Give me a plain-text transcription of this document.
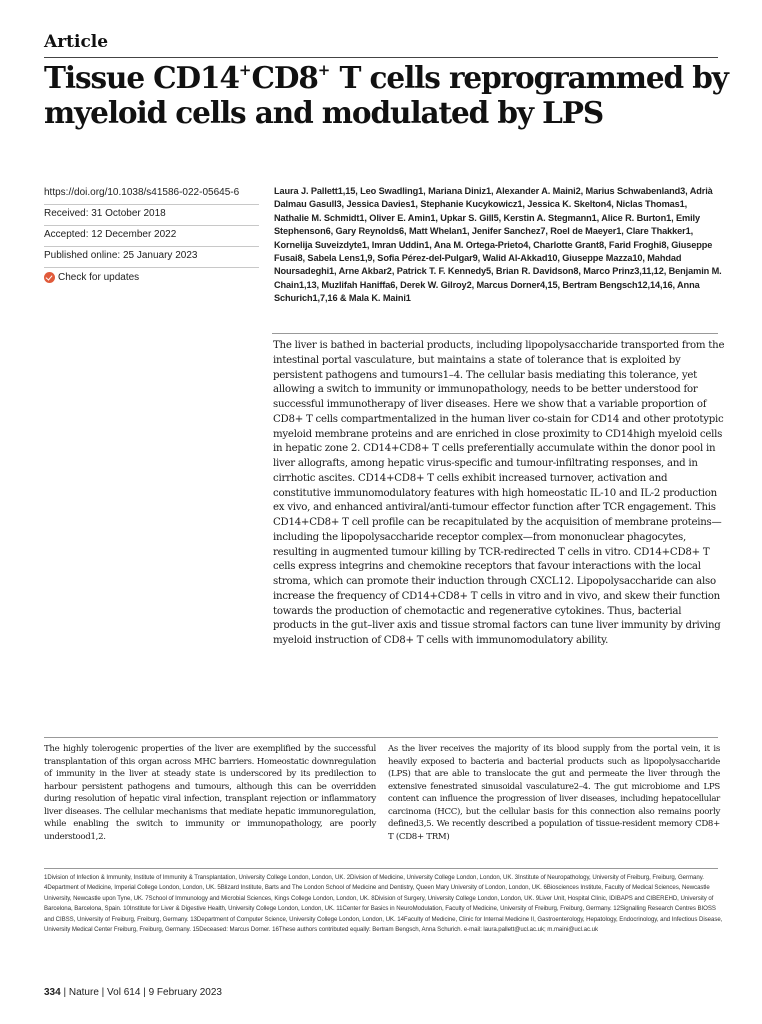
Article
Tissue CD14+CD8+ T cells reprogrammed by
myeloid cells and modulated by LPS
https://doi.org/10.1038/s41586-022-05645-6
Received: 31 October 2018
Accepted: 12 December 2022
Published online: 25 January 2023
Check for updates
Laura J. Pallett1,15, Leo Swadling1, Mariana Diniz1, Alexander A. Maini2, Marius Schwabenland3, Adrià Dalmau Gasull3, Jessica Davies1, Stephanie Kucykowicz1, Jessica K. Skelton4, Niclas Thomas1, Nathalie M. Schmidt1, Oliver E. Amin1, Upkar S. Gill5, Kerstin A. Stegmann1, Alice R. Burton1, Emily Stephenson6, Gary Reynolds6, Matt Whelan1, Jenifer Sanchez7, Roel de Maeyer1, Clare Thakker1, Kornelija Suveizdyte1, Imran Uddin1, Ana M. Ortega-Prieto4, Charlotte Grant8, Farid Froghi8, Giuseppe Fusai8, Sabela Lens1,9, Sofia Pérez-del-Pulgar9, Walid Al-Akkad10, Giuseppe Mazza10, Mahdad Noursadeghi1, Arne Akbar2, Patrick T. F. Kennedy5, Brian R. Davidson8, Marco Prinz3,11,12, Benjamin M. Chain1,13, Muzlifah Haniffa6, Derek W. Gilroy2, Marcus Dorner4,15, Bertram Bengsch12,14,16, Anna Schurich1,7,16 & Mala K. Maini1

The liver is bathed in bacterial products, including lipopolysaccharide transported from the intestinal portal vasculature, but maintains a state of tolerance that is exploited by persistent pathogens and tumours1–4. The cellular basis mediating this tolerance, yet allowing a switch to immunity or immunopathology, needs to be better understood for successful immunotherapy of liver diseases. Here we show that a variable proportion of CD8+ T cells compartmentalized in the human liver co-stain for CD14 and other prototypic myeloid membrane proteins and are enriched in close proximity to CD14high myeloid cells in hepatic zone 2. CD14+CD8+ T cells preferentially accumulate within the donor pool in liver allografts, among hepatic virus-specific and tumour-infiltrating responses, and in cirrhotic ascites. CD14+CD8+ T cells exhibit increased turnover, activation and constitutive immunomodulatory features with high homeostatic IL-10 and IL-2 production ex vivo, and enhanced antiviral/anti-tumour effector function after TCR engagement. This CD14+CD8+ T cell profile can be recapitulated by the acquisition of membrane proteins—including the lipopolysaccharide receptor complex—from mononuclear phagocytes, resulting in augmented tumour killing by TCR-redirected T cells in vitro. CD14+CD8+ T cells express integrins and chemokine receptors that favour interactions with the local stroma, which can promote their induction through CXCL12. Lipopolysaccharide can also increase the frequency of CD14+CD8+ T cells in vitro and in vivo, and skew their function towards the production of chemotactic and regenerative cytokines. Thus, bacterial products in the gut–liver axis and tissue stromal factors can tune liver immunity by driving myeloid instruction of CD8+ T cells with immunomodulatory ability.

The highly tolerogenic properties of the liver are exemplified by the successful transplantation of this organ across MHC barriers. Homeostatic downregulation of immunity in the liver at steady state is underscored by its predilection to harbour persistent pathogens and tumours, although this can be overridden during resolution of hepatic viral infection, transplant rejection or inflammatory liver diseases. The cellular mechanisms that mediate hepatic immunoregulation, while enabling the switch to immunity or immunopathology, are poorly understood1,2.

As the liver receives the majority of its blood supply from the portal vein, it is heavily exposed to bacteria and bacterial products such as lipopolysaccharide (LPS) that are able to translocate the gut and permeate the liver through the extensive fenestrated sinusoidal vasculature2–4. The gut microbiome and LPS content can influence the progression of liver diseases, including hepatocellular carcinoma (HCC), but the cellular basis for this connection also remains poorly defined3,5. We recently described a population of tissue-resident memory CD8+ T (CD8+ TRM)

1Division of Infection & Immunity, Institute of Immunity & Transplantation, University College London, London, UK. 2Division of Medicine, University College London, London, UK. 3Institute of Neuropathology, University of Freiburg, Freiburg, Germany. 4Department of Medicine, Imperial College London, London, UK. 5Blizard Institute, Barts and The London School of Medicine and Dentistry, Queen Mary University of London, London, UK. 6Biosciences Institute, Faculty of Medical Sciences, Newcastle University, Newcastle upon Tyne, UK. 7School of Immunology and Microbial Sciences, Kings College London, London, UK. 8Division of Surgery, University College London, London, UK. 9Liver Unit, Hospital Clínic, IDIBAPS and CIBEREHD, University of Barcelona, Barcelona, Spain. 10Institute for Liver & Digestive Health, University College London, London, UK. 11Center for Basics in NeuroModulation, Faculty of Medicine, University of Freiburg, Freiburg, Germany. 12Signalling Research Centres BIOSS and CIBSS, University of Freiburg, Freiburg, Germany. 13Department of Computer Science, University College London, London, UK. 14Faculty of Medicine, Clinic for Internal Medicine II, Gastroenterology, Hepatology, Endocrinology, and Infectious Disease, University Medical Center Freiburg, Freiburg, Germany. 15Deceased: Marcus Dorner. 16These authors contributed equally: Bertram Bengsch, Anna Schurich. e-mail: laura.pallett@ucl.ac.uk; m.maini@ucl.ac.uk

334 | Nature | Vol 614 | 9 February 2023
